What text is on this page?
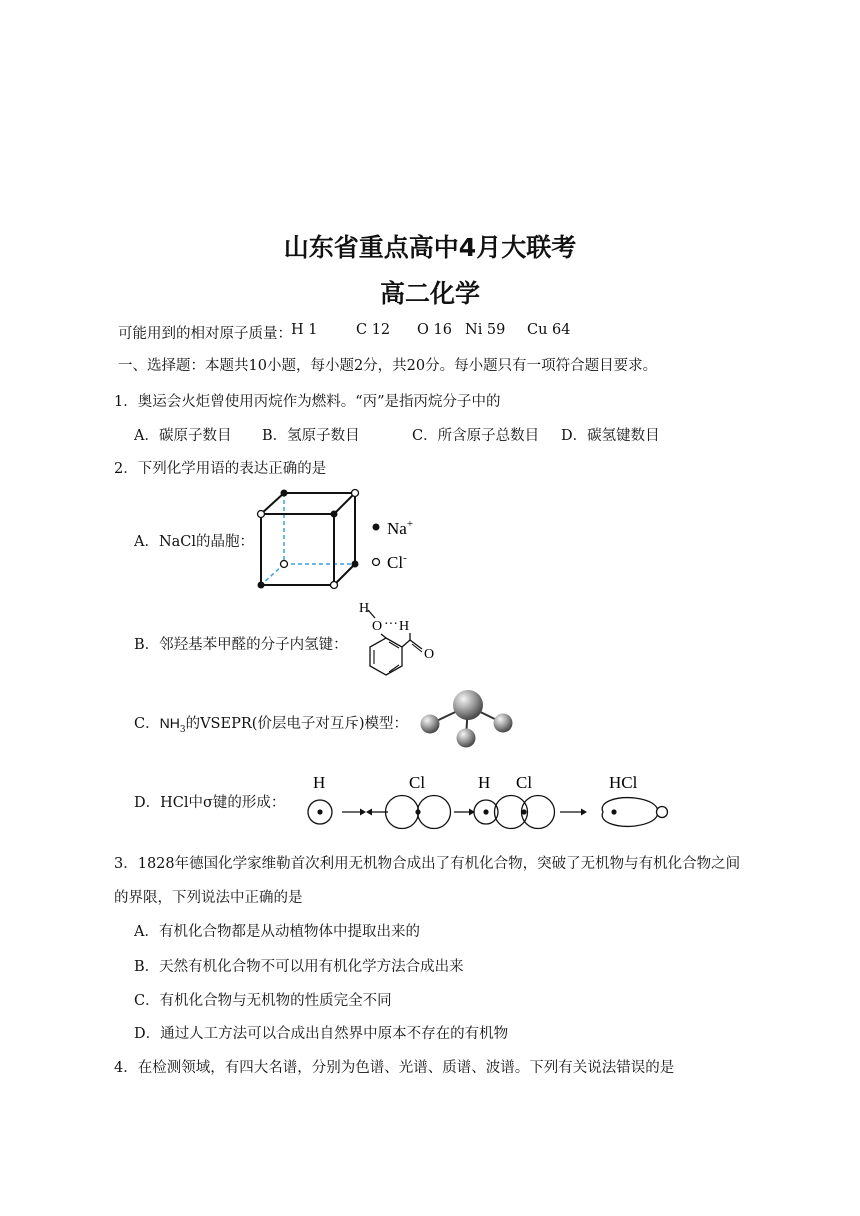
山东省重点高中4月大联考
高二化学
可能用到的相对原子质量： H 1	C 12 O 16 Ni 59 Cu 64
一、选择题：本题共10小题，每小题2分，共20分。每小题只有一项符合题目要求。
1．奥运会火炬曾使用丙烷作为燃料。“丙”是指丙烷分子中的
A．碳原子数目 B．氢原子数目	C．所含原子总数目 D．碳氢键数目
2．下列化学用语的表达正确的是
A．NaCl的晶胞：
Na+
Cl-
B．邻羟基苯甲醛的分子内氢键：
H
O ··· H
O
C．$NH_3$的VSEPR(价层电子对互斥)模型：
D．HCl中σ键的形成：
H	Cl	H Cl	HCl
3．1828年德国化学家维勒首次利用无机物合成出了有机化合物，突破了无机物与有机化合物之间
的界限，下列说法中正确的是
A．有机化合物都是从动植物体中提取出来的
B．天然有机化合物不可以用有机化学方法合成出来
C．有机化合物与无机物的性质完全不同
D．通过人工方法可以合成出自然界中原本不存在的有机物
4．在检测领域，有四大名谱，分别为色谱、光谱、质谱、波谱。下列有关说法错误的是
